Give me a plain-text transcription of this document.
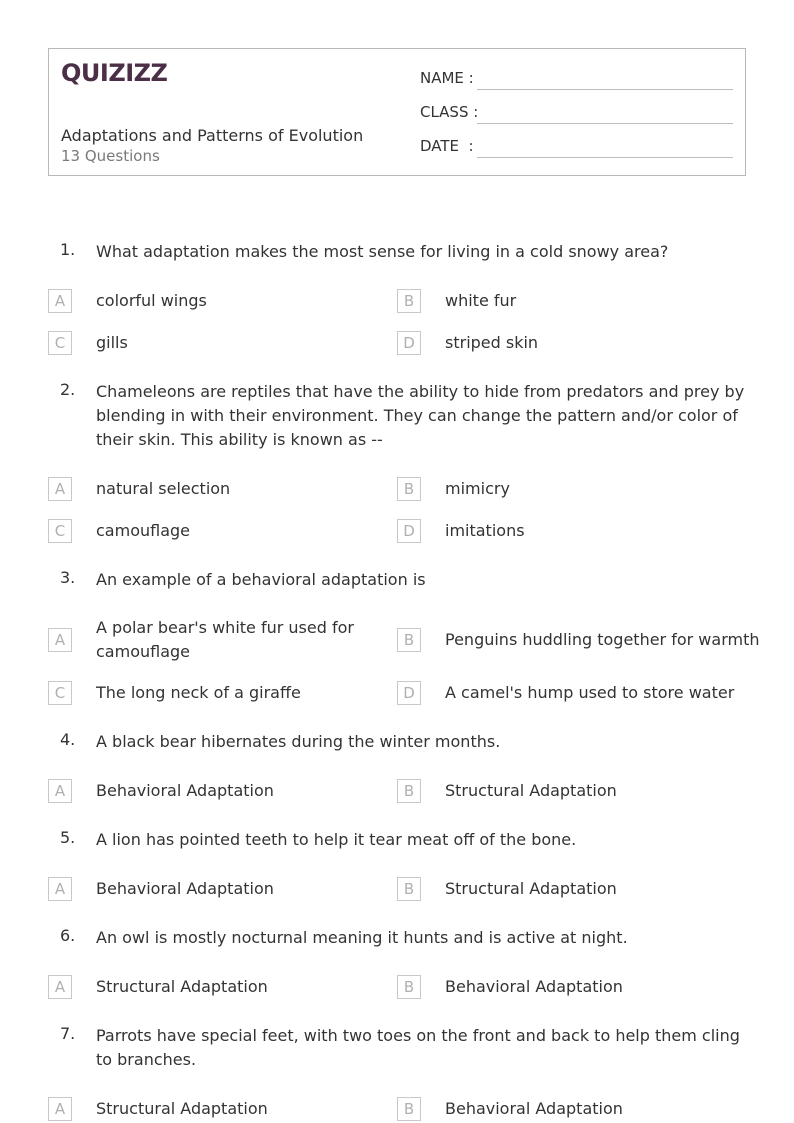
QUIZIZZ
Adaptations and Patterns of Evolution
13 Questions
NAME :
CLASS :
DATE  :
1. What adaptation makes the most sense for living in a cold snowy area?
A	colorful wings	B	white fur
C	gills	D	striped skin
2. Chameleons are reptiles that have the ability to hide from predators and prey by blending in with their environment. They can change the pattern and/or color of their skin. This ability is known as --
A	natural selection	B	mimicry
C	camouflage	D	imitations
3. An example of a behavioral adaptation is
A
A polar bear's white fur used for camouflage
B	Penguins huddling together for warmth
C	The long neck of a giraffe	D	A camel's hump used to store water
4. A black bear hibernates during the winter months.
A	Behavioral Adaptation	B	Structural Adaptation
5. A lion has pointed teeth to help it tear meat off of the bone.
A	Behavioral Adaptation	B	Structural Adaptation
6. An owl is mostly nocturnal meaning it hunts and is active at night.
A	Structural Adaptation	B	Behavioral Adaptation
7. Parrots have special feet, with two toes on the front and back to help them cling to branches.
A	Structural Adaptation	B	Behavioral Adaptation
